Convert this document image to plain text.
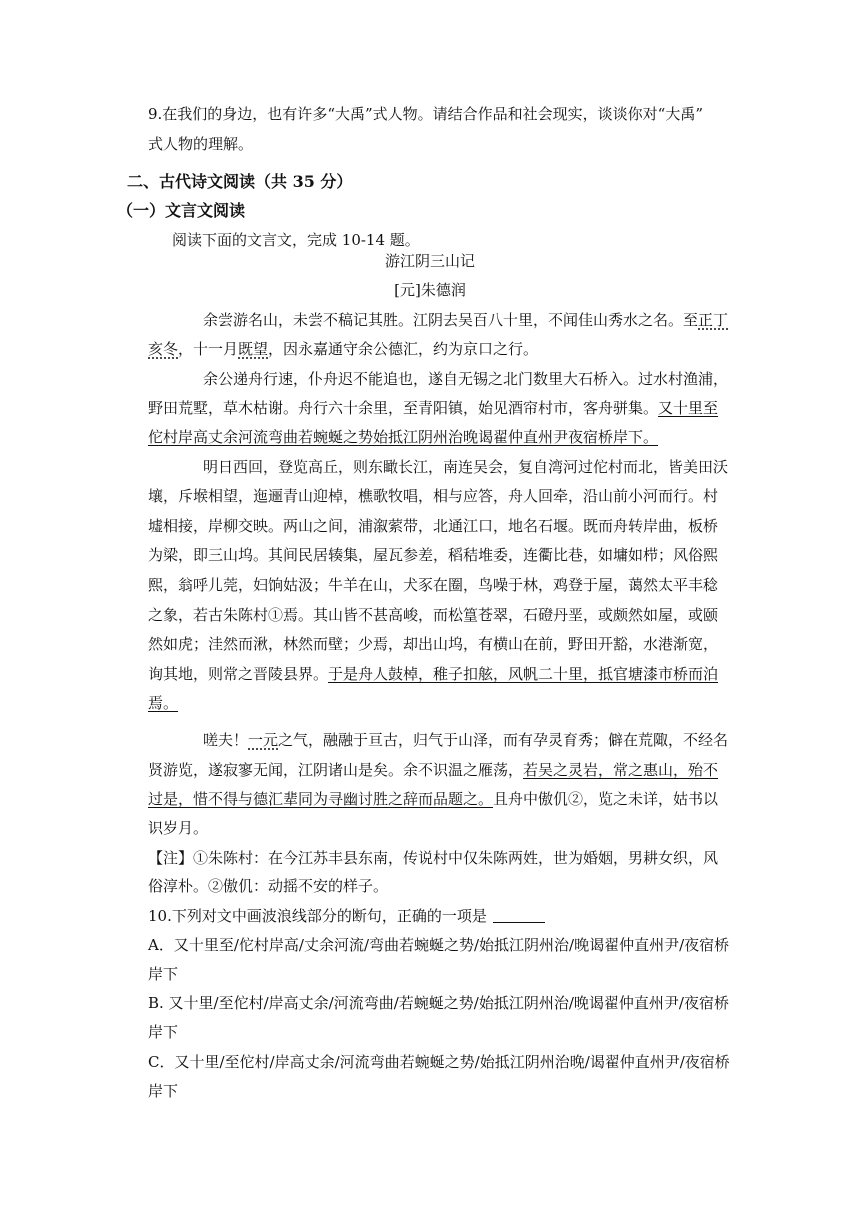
9.在我们的身边，也有许多“大禹”式人物。请结合作品和社会现实，谈谈你对“大禹”
式人物的理解。
二、古代诗文阅读（共 35 分）
（一）文言文阅读
阅读下面的文言文，完成 10-14 题。
游江阴三山记
[元]朱德润
余尝游名山，未尝不稿记其胜。江阴去吴百八十里，不闻佳山秀水之名。至正丁
亥冬，十一月既望，因永嘉通守余公德汇，约为京口之行。
余公递舟行速，仆舟迟不能追也，遂自无锡之北门数里大石桥入。过水村渔浦，
野田荒墅，草木枯谢。舟行六十余里，至青阳镇，始见酒帘村市，客舟骈集。又十里至
佗村岸高丈余河流弯曲若蜿蜒之势始抵江阴州治晚谒翟仲直州尹夜宿桥岸下。
明日西回，登览高丘，则东瞰长江，南连吴会，复自湾河过佗村而北，皆美田沃
壤，斥堠相望，迤逦青山迎棹，樵歌牧唱，相与应答，舟人回牵，沿山前小河而行。村
墟相接，岸柳交映。两山之间，浦溆萦带，北通江口，地名石堰。既而舟转岸曲，板桥
为梁，即三山坞。其间民居辏集，屋瓦参差，稻秸堆委，连衢比巷，如墉如栉；风俗熙
熙，翁呼儿莞，妇饷姑汲；牛羊在山，犬豕在圈，鸟噪于林，鸡登于屋，蔼然太平丰稔
之象，若古朱陈村①焉。其山皆不甚高峻，而松篁苍翠，石磴丹垩，或颇然如屋，或颐
然如虎；洼然而湫，林然而壁；少焉，却出山坞，有横山在前，野田开豁，水港渐宽，
询其地，则常之晋陵县界。于是舟人鼓棹，稚子扣舷，风帆二十里，抵官塘漆市桥而泊
焉。
嗟夫！一元之气，融融于亘古，归气于山泽，而有孕灵育秀；僻在荒陬，不经名
贤游览，遂寂寥无闻，江阴诸山是矣。余不识温之雁荡，若吴之灵岩，常之惠山，殆不
过是，惜不得与德汇辈同为寻幽讨胜之辞而品题之。且舟中傲仉②，览之未详，姑书以
识岁月。
【注】①朱陈村：在今江苏丰县东南，传说村中仅朱陈两姓，世为婚姻，男耕女织，风
俗淳朴。②傲仉：动摇不安的样子。
10.下列对文中画波浪线部分的断句，正确的一项是
A．又十里至/佗村岸高/丈余河流/弯曲若蜿蜒之势/始抵江阴州治/晚谒翟仲直州尹/夜宿桥
岸下
B. 又十里/至佗村/岸高丈余/河流弯曲/若蜿蜒之势/始抵江阴州治/晚谒翟仲直州尹/夜宿桥
岸下
C．又十里/至佗村/岸高丈余/河流弯曲若蜿蜒之势/始抵江阴州治晚/谒翟仲直州尹/夜宿桥
岸下
